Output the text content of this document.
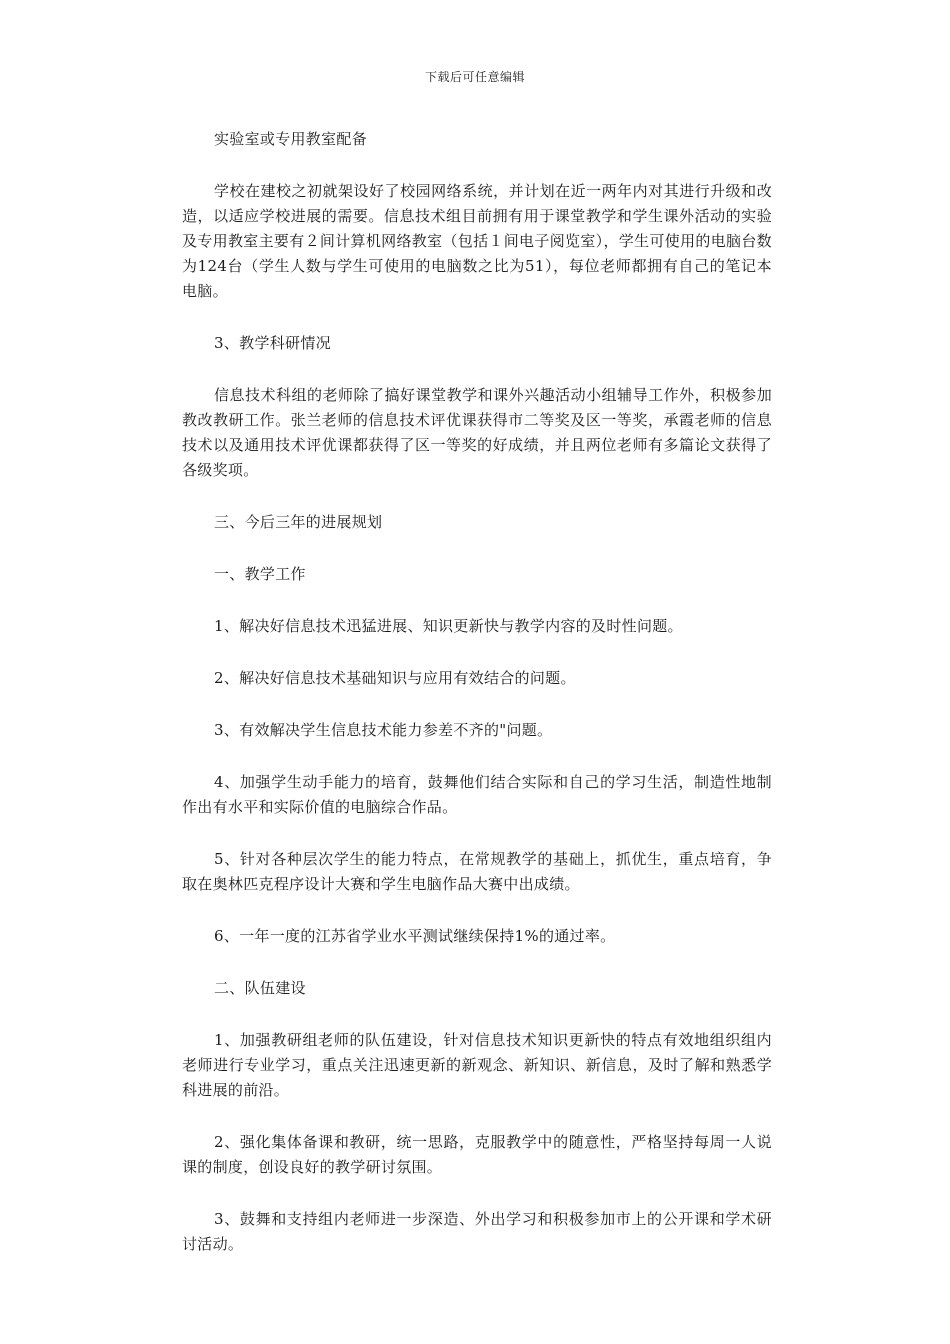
下载后可任意编辑

实验室或专用教室配备

学校在建校之初就架设好了校园网络系统，并计划在近一两年内对其进行升级和改造，以适应学校进展的需要。信息技术组目前拥有用于课堂教学和学生课外活动的实验及专用教室主要有２间计算机网络教室（包括１间电子阅览室），学生可使用的电脑台数为124台（学生人数与学生可使用的电脑数之比为51），每位老师都拥有自己的笔记本电脑。

3、教学科研情况

信息技术科组的老师除了搞好课堂教学和课外兴趣活动小组辅导工作外，积极参加教改教研工作。张兰老师的信息技术评优课获得市二等奖及区一等奖，承霞老师的信息技术以及通用技术评优课都获得了区一等奖的好成绩，并且两位老师有多篇论文获得了各级奖项。

三、今后三年的进展规划

一、教学工作

1、解决好信息技术迅猛进展、知识更新快与教学内容的及时性问题。

2、解决好信息技术基础知识与应用有效结合的问题。

3、有效解决学生信息技术能力参差不齐的"问题。

4、加强学生动手能力的培育，鼓舞他们结合实际和自己的学习生活，制造性地制作出有水平和实际价值的电脑综合作品。

5、针对各种层次学生的能力特点，在常规教学的基础上，抓优生，重点培育，争取在奥林匹克程序设计大赛和学生电脑作品大赛中出成绩。

6、一年一度的江苏省学业水平测试继续保持1%的通过率。

二、队伍建设

1、加强教研组老师的队伍建设，针对信息技术知识更新快的特点有效地组织组内老师进行专业学习，重点关注迅速更新的新观念、新知识、新信息，及时了解和熟悉学科进展的前沿。

2、强化集体备课和教研，统一思路，克服教学中的随意性，严格坚持每周一人说课的制度，创设良好的教学研讨氛围。

3、鼓舞和支持组内老师进一步深造、外出学习和积极参加市上的公开课和学术研讨活动。
